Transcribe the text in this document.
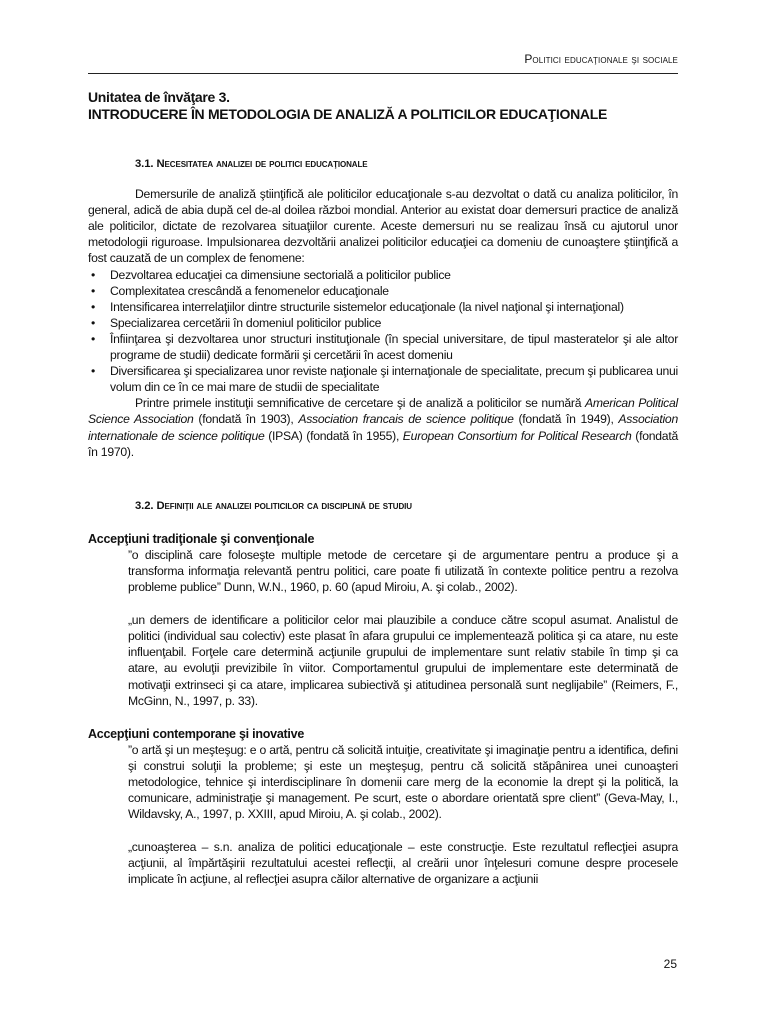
Politici educaţionale şi sociale

Unitatea de învăţare 3.

INTRODUCERE ÎN METODOLOGIA DE ANALIZĂ A POLITICILOR EDUCAŢIONALE

3.1. Necesitatea analizei de politici educaţionale

Demersurile de analiză ştiinţifică ale politicilor educaţionale s-au dezvoltat o dată cu analiza politicilor, în general, adică de abia după cel de-al doilea război mondial. Anterior au existat doar demersuri practice de analiză ale politicilor, dictate de rezolvarea situaţiilor curente. Aceste demersuri nu se realizau însă cu ajutorul unor metodologii riguroase. Impulsionarea dezvoltării analizei politicilor educaţiei ca domeniu de cunoaştere ştiinţifică a fost cauzată de un complex de fenomene:

• Dezvoltarea educaţiei ca dimensiune sectorială a politicilor publice
• Complexitatea crescândă a fenomenelor educaţionale
• Intensificarea interrelaţiilor dintre structurile sistemelor educaţionale (la nivel naţional şi internaţional)
• Specializarea cercetării în domeniul politicilor publice
• Înfiinţarea şi dezvoltarea unor structuri instituţionale (în special universitare, de tipul masteratelor şi ale altor programe de studii) dedicate formării şi cercetării în acest domeniu
• Diversificarea şi specializarea unor reviste naţionale şi internaţionale de specialitate, precum şi publicarea unui volum din ce în ce mai mare de studii de specialitate

Printre primele instituţii semnificative de cercetare şi de analiză a politicilor se numără American Political Science Association (fondată în 1903), Association francais de science politique (fondată în 1949), Association internationale de science politique (IPSA) (fondată în 1955), European Consortium for Political Research (fondată în 1970).

3.2. Definiţii ale analizei politicilor ca disciplină de studiu

Accepţiuni tradiţionale şi convenţionale

”o disciplină care foloseşte multiple metode de cercetare şi de argumentare pentru a produce şi a transforma informaţia relevantă pentru politici, care poate fi utilizată în contexte politice pentru a rezolva probleme publice” Dunn, W.N., 1960, p. 60 (apud Miroiu, A. şi colab., 2002).

„un demers de identificare a politicilor celor mai plauzibile a conduce către scopul asumat. Analistul de politici (individual sau colectiv) este plasat în afara grupului ce implementează politica şi ca atare, nu este influenţabil. Forţele care determină acţiunile grupului de implementare sunt relativ stabile în timp şi ca atare, au evoluţii previzibile în viitor. Comportamentul grupului de implementare este determinată de motivaţii extrinseci şi ca atare, implicarea subiectivă şi atitudinea personală sunt neglijabile” (Reimers, F., McGinn, N., 1997, p. 33).

Accepţiuni contemporane şi inovative

”o artă şi un meşteşug: e o artă, pentru că solicită intuiţie, creativitate şi imaginaţie pentru a identifica, defini şi construi soluţii la probleme; şi este un meşteşug, pentru că solicită stăpânirea unei cunoaşteri metodologice, tehnice şi interdisciplinare în domenii care merg de la economie la drept şi la politică, la comunicare, administraţie şi management. Pe scurt, este o abordare orientată spre client” (Geva-May, I., Wildavsky, A., 1997, p. XXIII, apud Miroiu, A. şi colab., 2002).

„cunoaşterea – s.n. analiza de politici educaţionale – este construcţie. Este rezultatul reflecţiei asupra acţiunii, al împărtăşirii rezultatului acestei reflecţii, al creării unor înţelesuri comune despre procesele implicate în acţiune, al reflecţiei asupra căilor alternative de organizare a acţiunii

25
